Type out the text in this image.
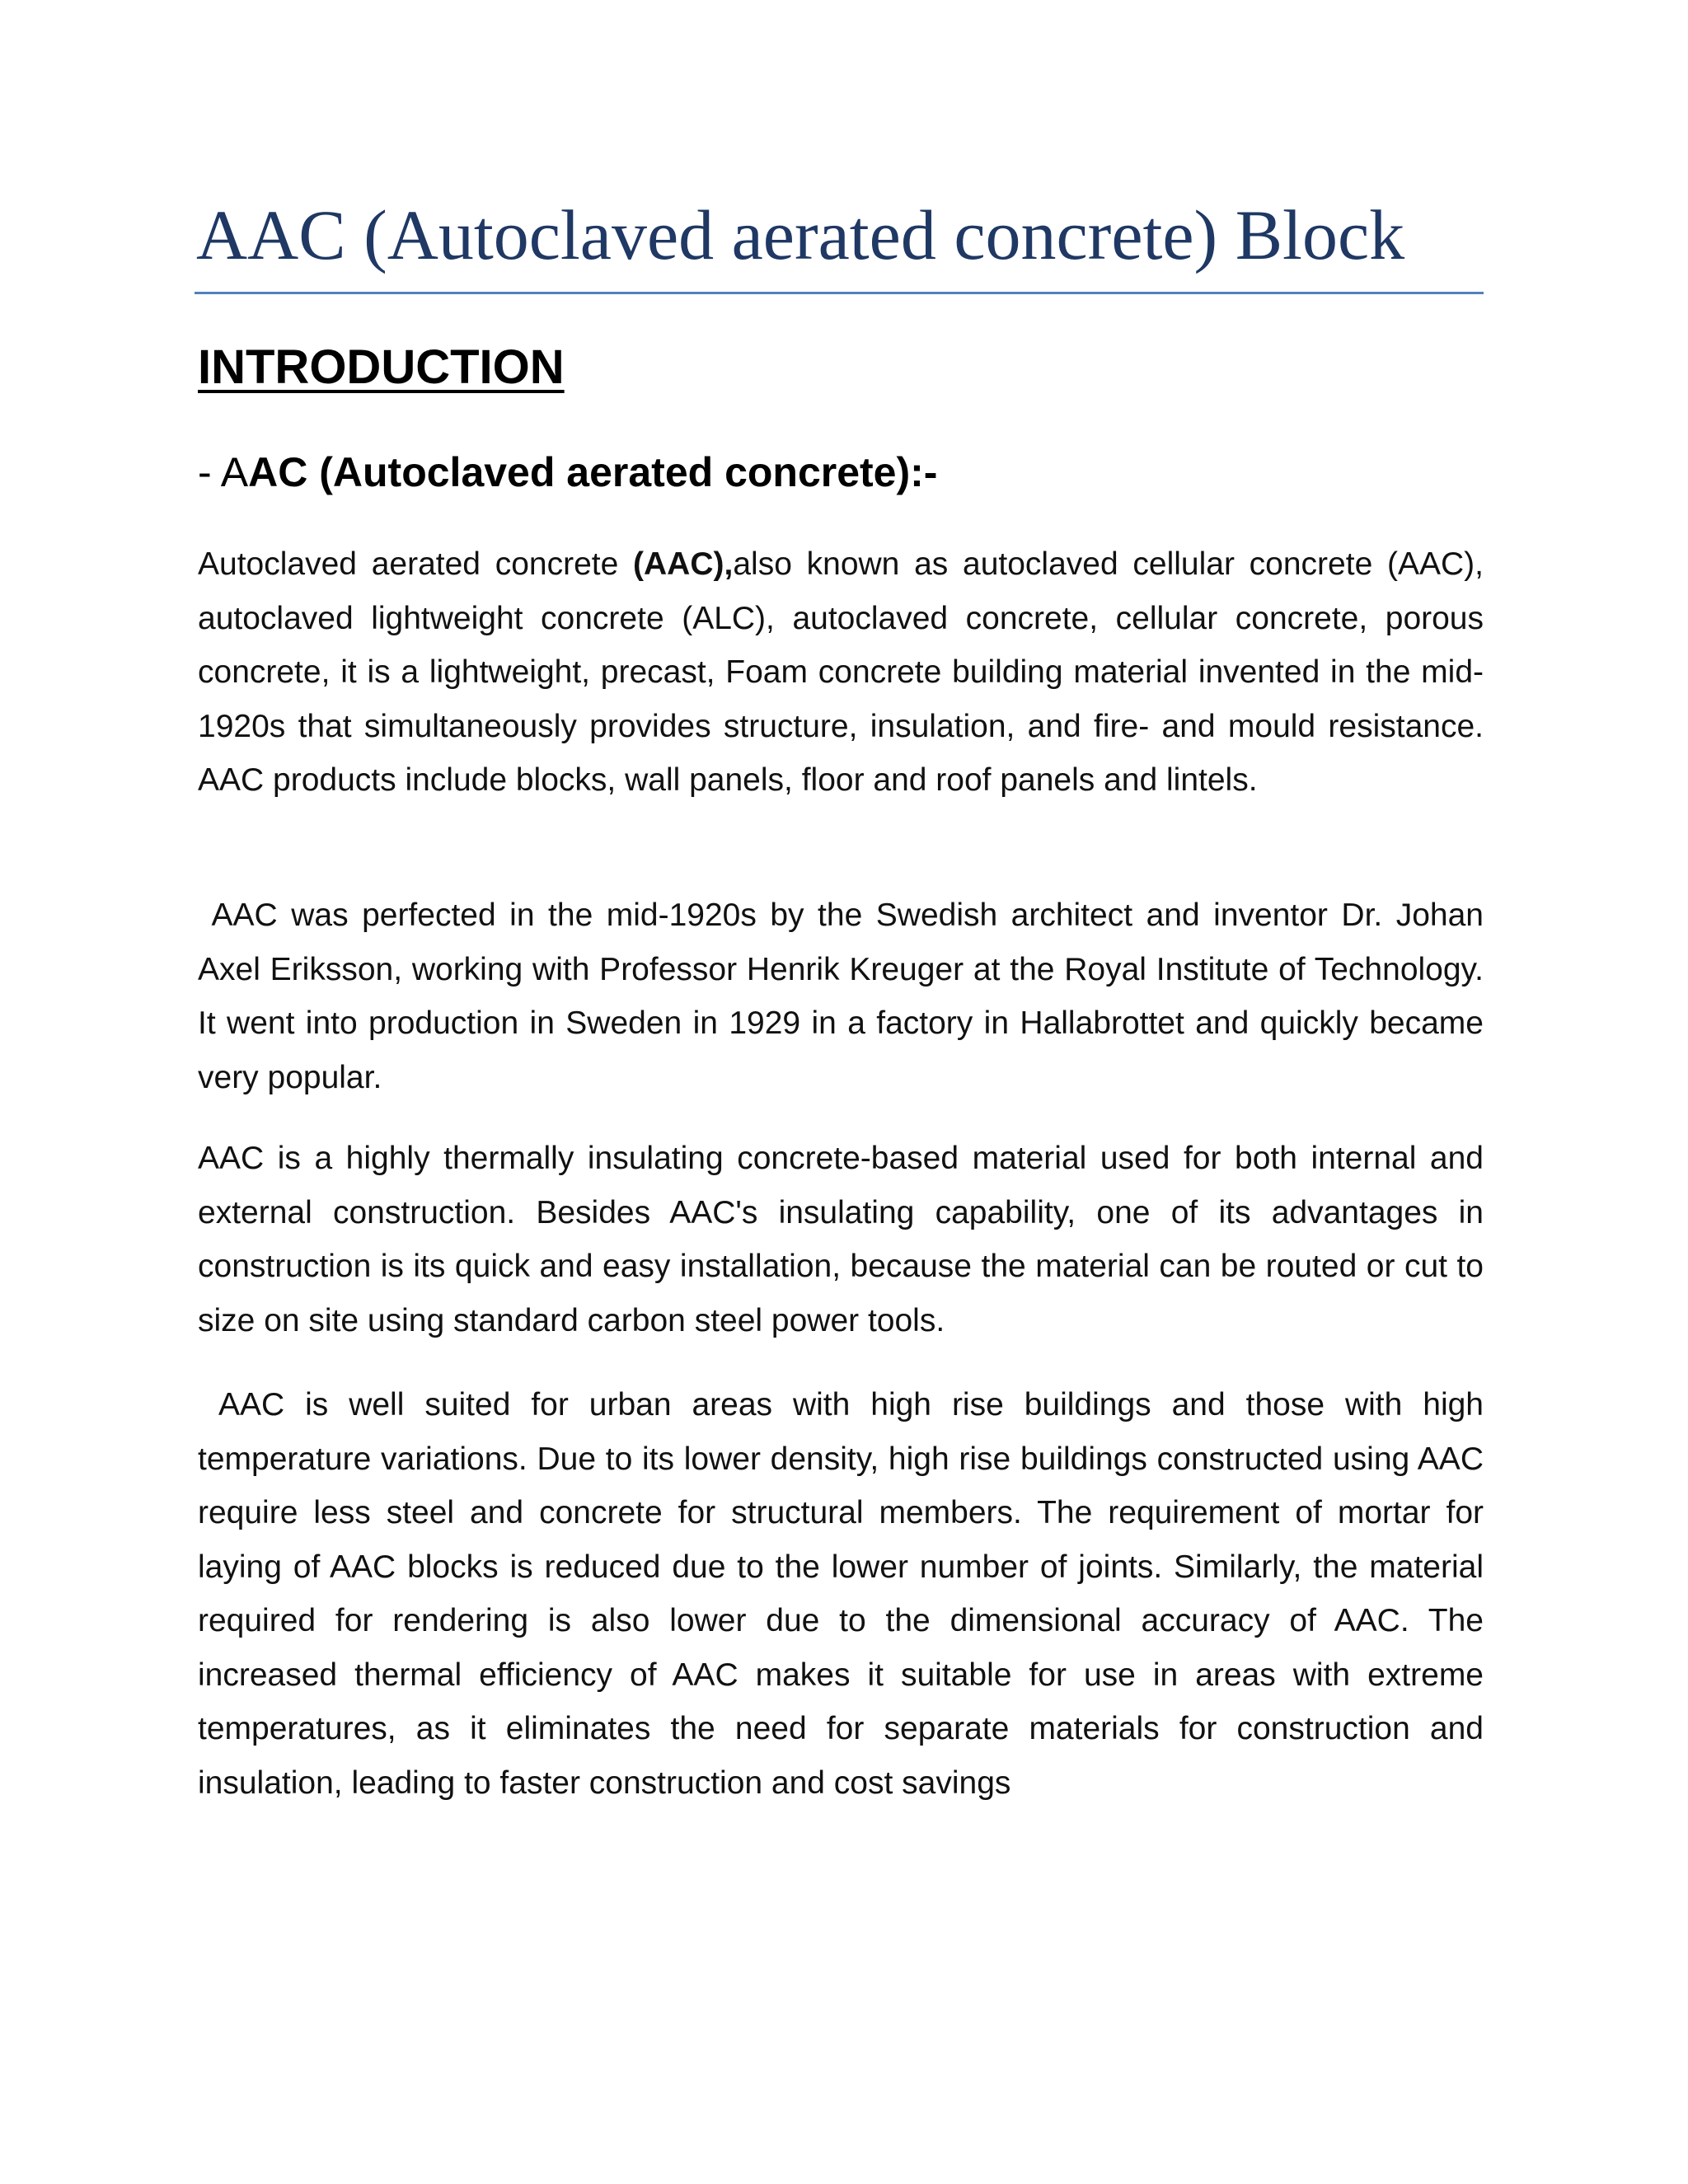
AAC (Autoclaved aerated concrete) Block
INTRODUCTION
- AAC (Autoclaved aerated concrete):-

Autoclaved aerated concrete (AAC),also known as autoclaved cellular concrete (AAC), autoclaved lightweight concrete (ALC), autoclaved concrete, cellular concrete, porous concrete, it is a lightweight, precast, Foam concrete building material invented in the mid-1920s that simultaneously provides structure, insulation, and fire- and mould resistance. AAC products include blocks, wall panels, floor and roof panels and lintels.

AAC was perfected in the mid-1920s by the Swedish architect and inventor Dr. Johan Axel Eriksson, working with Professor Henrik Kreuger at the Royal Institute of Technology. It went into production in Sweden in 1929 in a factory in Hallabrottet and quickly became very popular.

AAC is a highly thermally insulating concrete-based material used for both internal and external construction. Besides AAC's insulating capability, one of its advantages in construction is its quick and easy installation, because the material can be routed or cut to size on site using standard carbon steel power tools.

AAC is well suited for urban areas with high rise buildings and those with high temperature variations. Due to its lower density, high rise buildings constructed using AAC require less steel and concrete for structural members. The requirement of mortar for laying of AAC blocks is reduced due to the lower number of joints. Similarly, the material required for rendering is also lower due to the dimensional accuracy of AAC. The increased thermal efficiency of AAC makes it suitable for use in areas with extreme temperatures, as it eliminates the need for separate materials for construction and insulation, leading to faster construction and cost savings
